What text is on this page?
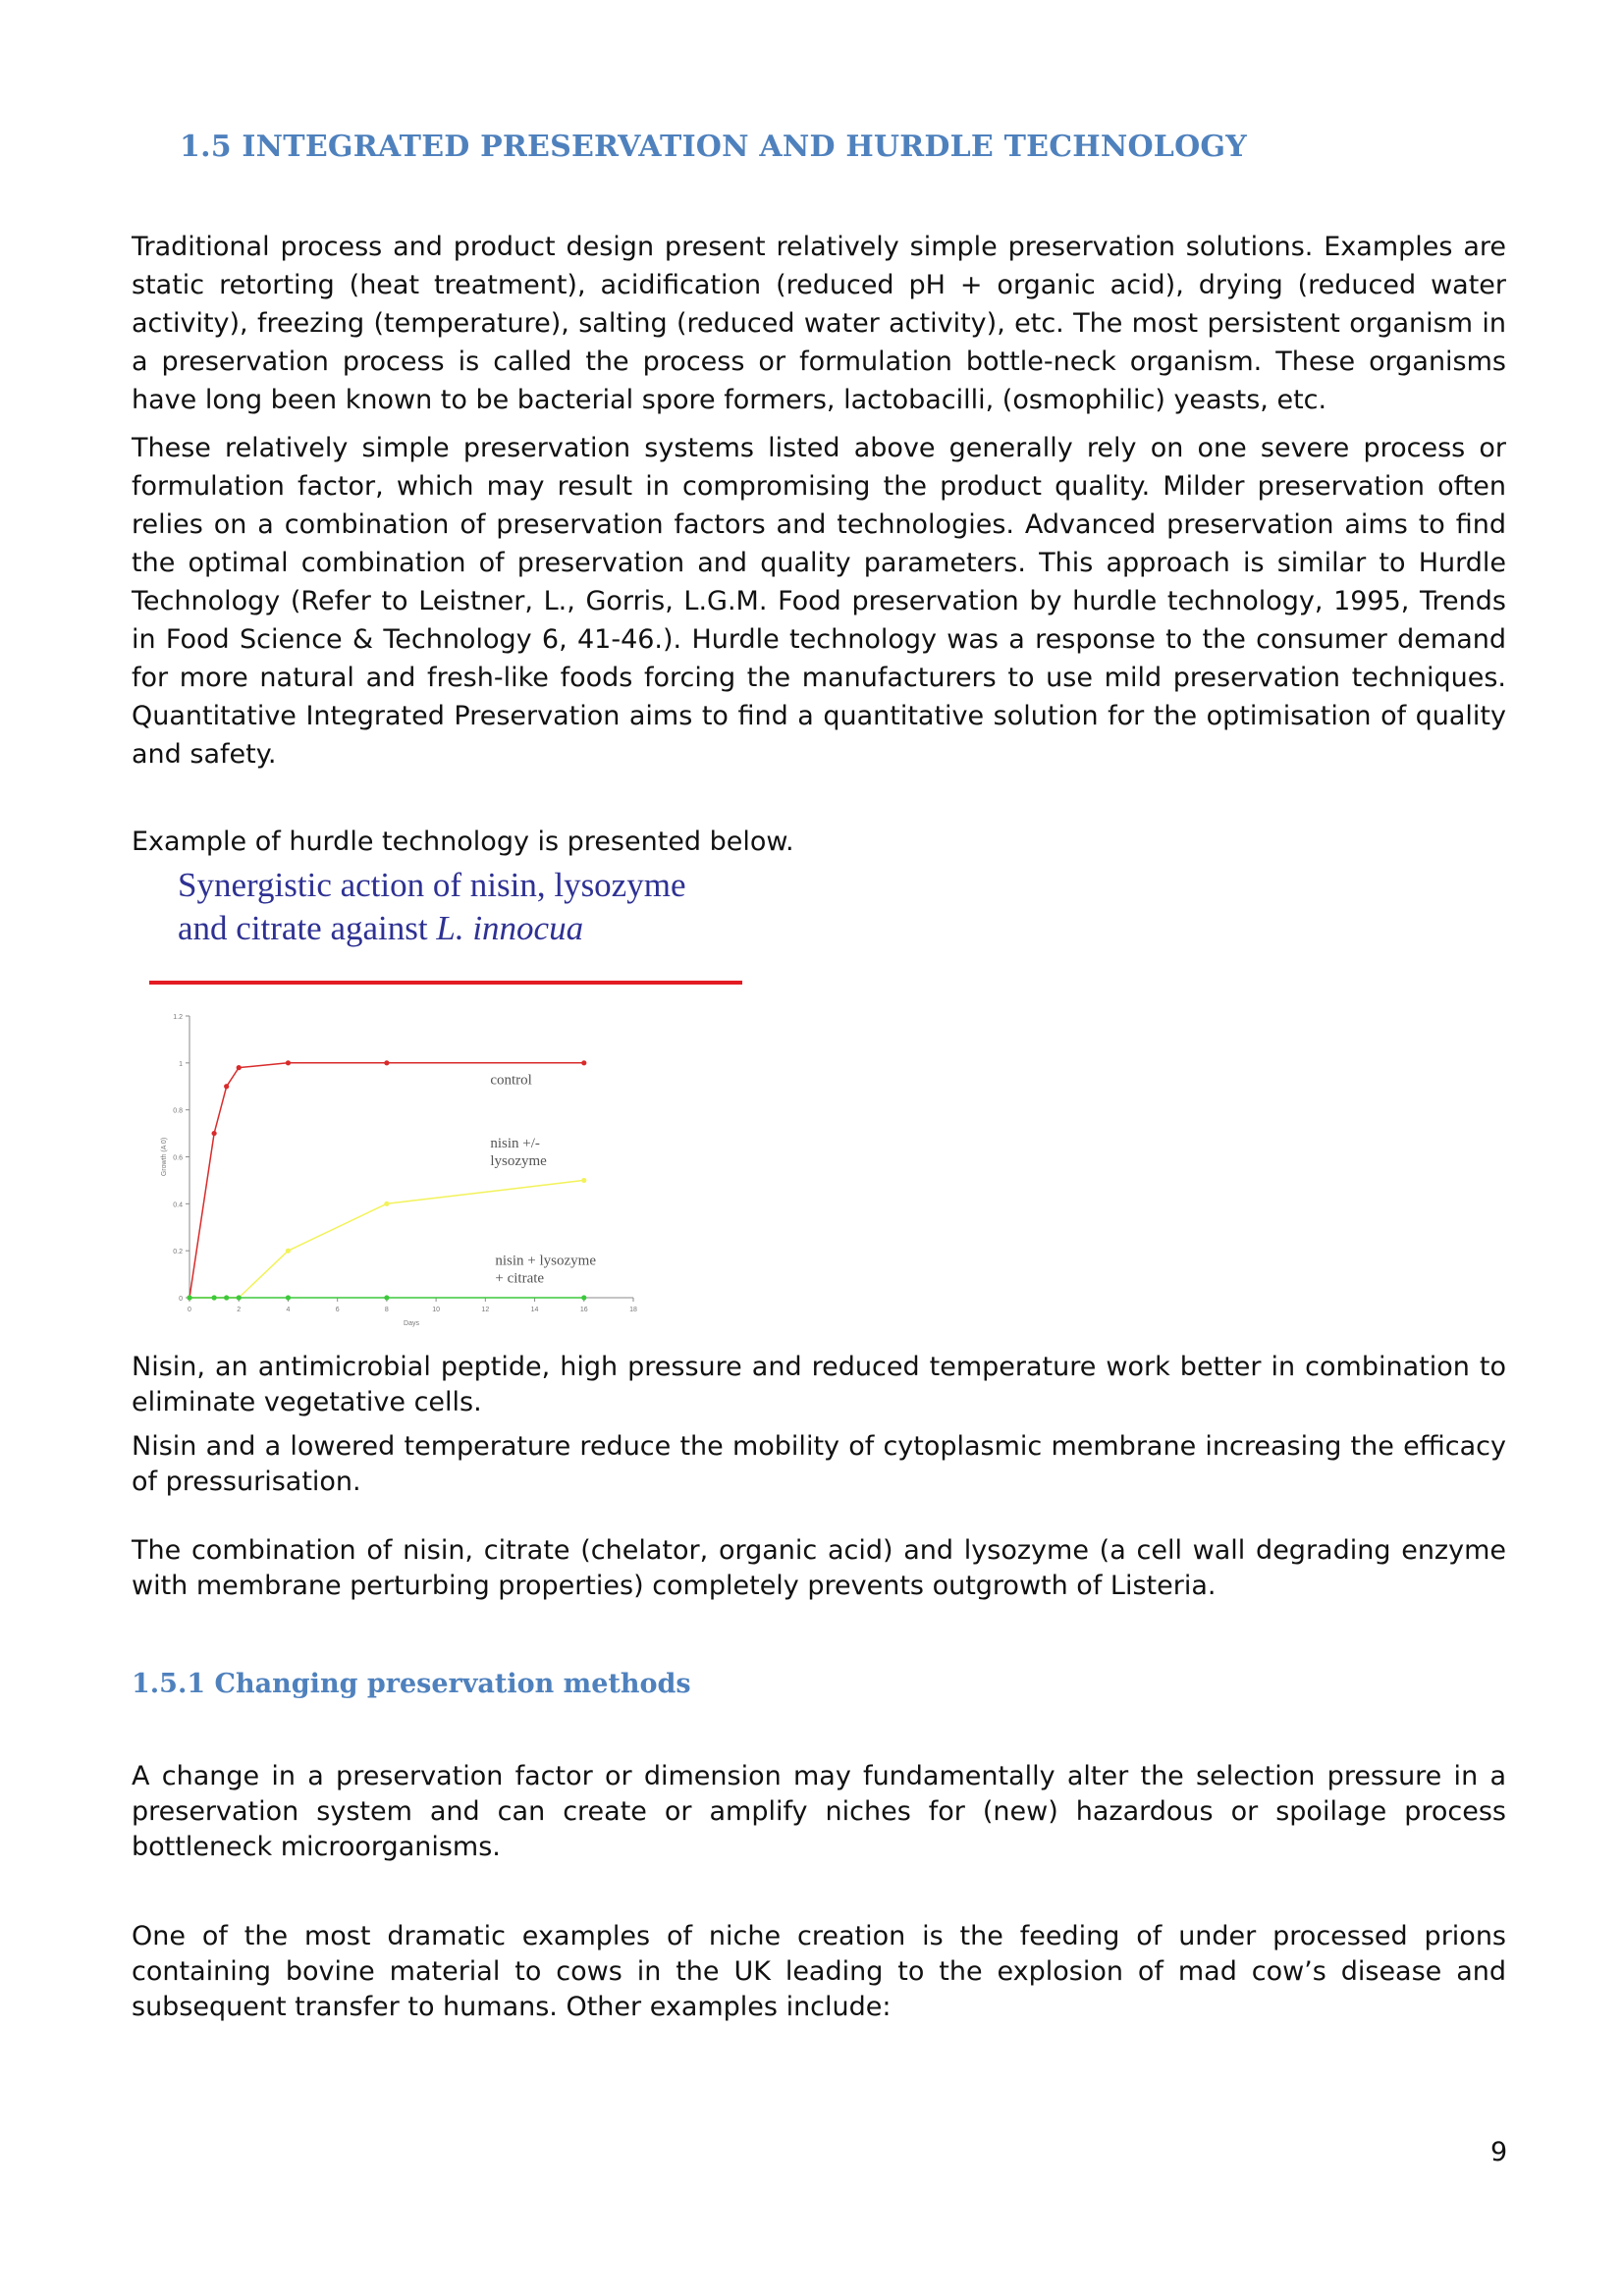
1.5 INTEGRATED PRESERVATION AND HURDLE TECHNOLOGY

Traditional process and product design present relatively simple preservation solutions. Examples are static retorting (heat treatment), acidification (reduced pH + organic acid), drying (reduced water activity), freezing (temperature), salting (reduced water activity), etc. The most persistent organism in a preservation process is called the process or formulation bottle-neck organism. These organisms have long been known to be bacterial spore formers, lactobacilli, (osmophilic) yeasts, etc.

These relatively simple preservation systems listed above generally rely on one severe process or formulation factor, which may result in compromising the product quality. Milder preservation often relies on a combination of preservation factors and technologies. Advanced preservation aims to find the optimal combination of preservation and quality parameters. This approach is similar to Hurdle Technology (Refer to Leistner, L., Gorris, L.G.M. Food preservation by hurdle technology, 1995, Trends in Food Science & Technology 6, 41-46.). Hurdle technology was a response to the consumer demand for more natural and fresh-like foods forcing the manufacturers to use mild preservation techniques. Quantitative Integrated Preservation aims to find a quantitative solution for the optimisation of quality and safety.

Example of hurdle technology is presented below.

Synergistic action of nisin, lysozyme
and citrate against L. innocua
0
0.2
0.4
0.6
0.8
1
1.2
0	2	4	6	8	10	12	14	16	18
Days
Growth (A 0)
control
nisin +/-
lysozyme
nisin + lysozyme
+ citrate

Nisin, an antimicrobial peptide, high pressure and reduced temperature work better in combination to eliminate vegetative cells.

Nisin and a lowered temperature reduce the mobility of cytoplasmic membrane increasing the efficacy of pressurisation.

The combination of nisin, citrate (chelator, organic acid) and lysozyme (a cell wall degrading enzyme with membrane perturbing properties) completely prevents outgrowth of Listeria.

1.5.1 Changing preservation methods

A change in a preservation factor or dimension may fundamentally alter the selection pressure in a preservation system and can create or amplify niches for (new) hazardous or spoilage process bottleneck microorganisms.

One of the most dramatic examples of niche creation is the feeding of under processed prions containing bovine material to cows in the UK leading to the explosion of mad cow’s disease and subsequent transfer to humans. Other examples include:

9
